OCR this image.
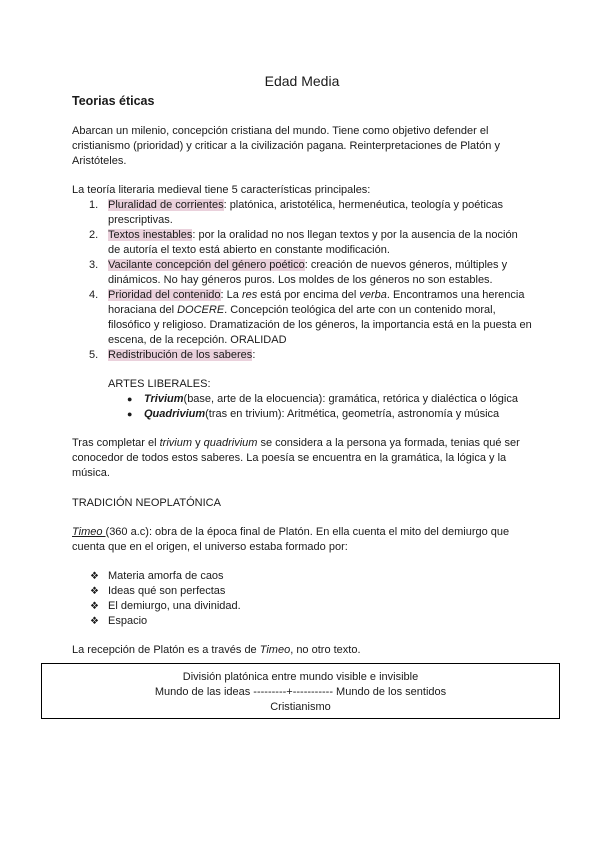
Edad Media
Teorias éticas

Abarcan un milenio, concepción cristiana del mundo. Tiene como objetivo defender el cristianismo (prioridad) y criticar a la civilización pagana. Reinterpretaciones de Platón y Aristóteles.

La teoría literaria medieval tiene 5 características principales:

1. Pluralidad de corrientes: platónica, aristotélica, hermenéutica, teología y poéticas prescriptivas.
2. Textos inestables: por la oralidad no nos llegan textos y por la ausencia de la noción de autoría el texto está abierto en constante modificación.
3. Vacilante concepción del género poético: creación de nuevos géneros, múltiples y dinámicos. No hay géneros puros. Los moldes de los géneros no son estables.
4. Prioridad del contenido: La res está por encima del verba. Encontramos una herencia horaciana del DOCERE. Concepción teológica del arte con un contenido moral, filosófico y religioso. Dramatización de los géneros, la importancia está en la puesta en escena, de la recepción. ORALIDAD
5. Redistribución de los saberes:

ARTES LIBERALES:

● Trivium(base, arte de la elocuencia): gramática, retórica y dialéctica o lógica
● Quadrivium(tras en trivium): Aritmética, geometría, astronomía y música

Tras completar el trivium y quadrivium se considera a la persona ya formada, tenias qué ser conocedor de todos estos saberes. La poesía se encuentra en la gramática, la lógica y la música.

TRADICIÓN NEOPLATÓNICA

Timeo (360 a.c): obra de la época final de Platón. En ella cuenta el mito del demiurgo que cuenta que en el origen, el universo estaba formado por:

❖ Materia amorfa de caos
❖ Ideas qué son perfectas
❖ El demiurgo, una divinidad.
❖ Espacio

La recepción de Platón es a través de Timeo, no otro texto.

División platónica entre mundo visible e invisible
Mundo de las ideas ---------+----------- Mundo de los sentidos
Cristianismo
